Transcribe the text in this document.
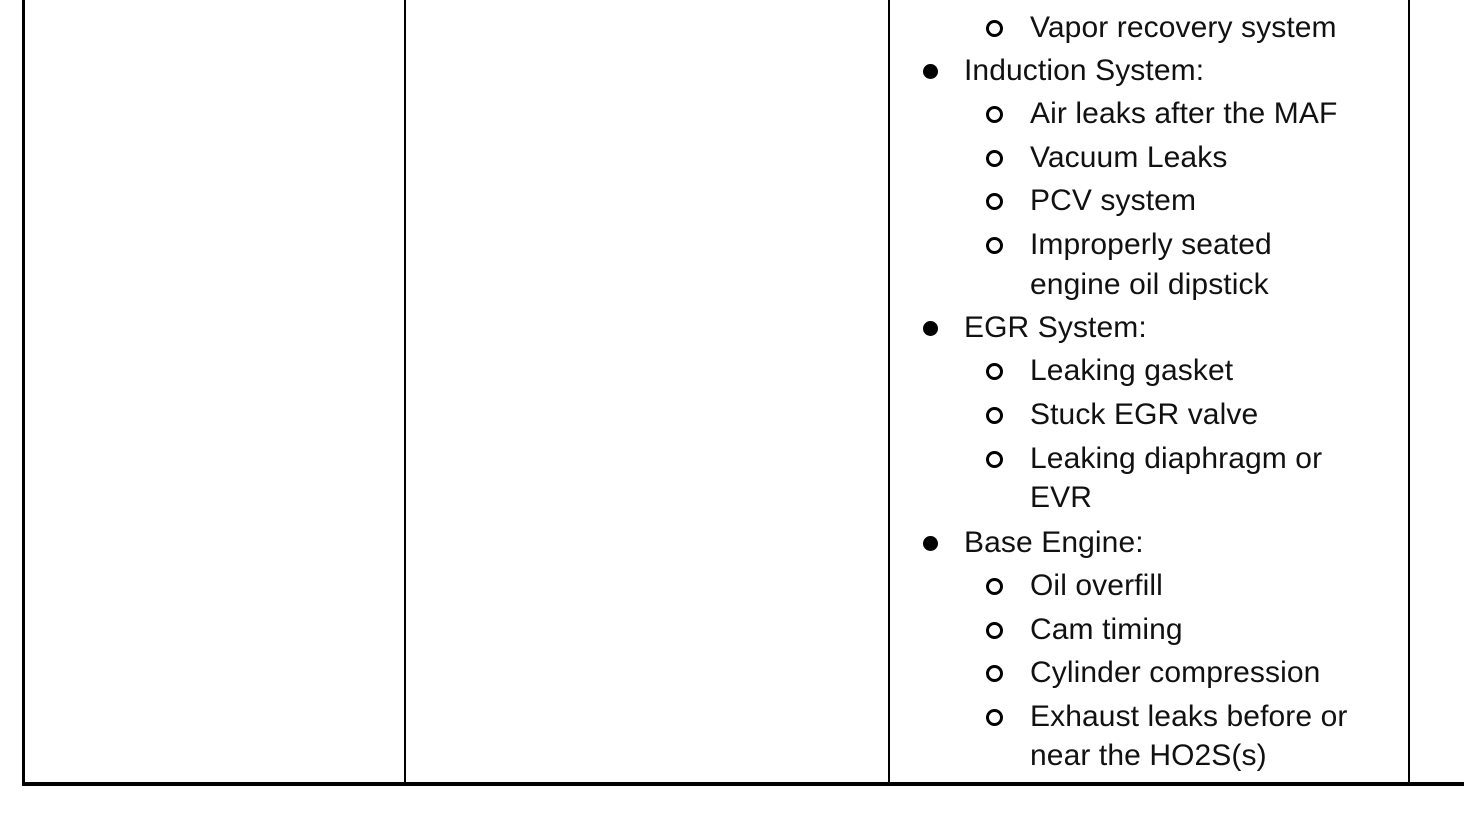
Vapor recovery system
Induction System:
Air leaks after the MAF
Vacuum Leaks
PCV system
Improperly seated
engine oil dipstick
EGR System:
Leaking gasket
Stuck EGR valve
Leaking diaphragm or
EVR
Base Engine:
Oil overfill
Cam timing
Cylinder compression
Exhaust leaks before or
near the HO2S(s)
